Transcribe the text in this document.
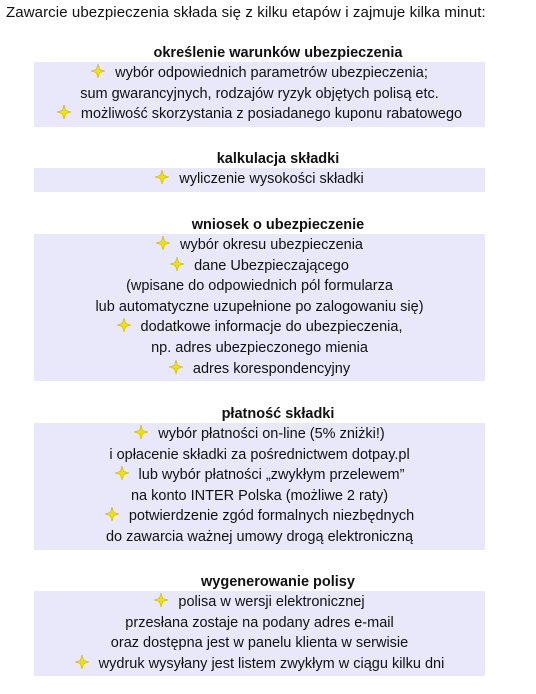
Zawarcie ubezpieczenia składa się z kilku etapów i zajmuje kilka minut:
określenie warunków ubezpieczenia
wybór odpowiednich parametrów ubezpieczenia;
sum gwarancyjnych, rodzajów ryzyk objętych polisą etc.
możliwość skorzystania z posiadanego kuponu rabatowego
kalkulacja składki
wyliczenie wysokości składki
wniosek o ubezpieczenie
wybór okresu ubezpieczenia
dane Ubezpieczającego
(wpisane do odpowiednich pól formularza
lub automatyczne uzupełnione po zalogowaniu się)
dodatkowe informacje do ubezpieczenia,
np. adres ubezpieczonego mienia
adres korespondencyjny
płatność składki
wybór płatności on-line (5% zniżki!)
i opłacenie składki za pośrednictwem dotpay.pl
lub wybór płatności „zwykłym przelewem”
na konto INTER Polska (możliwe 2 raty)
potwierdzenie zgód formalnych niezbędnych
do zawarcia ważnej umowy drogą elektroniczną
wygenerowanie polisy
polisa w wersji elektronicznej
przesłana zostaje na podany adres e-mail
oraz dostępna jest w panelu klienta w serwisie
wydruk wysyłany jest listem zwykłym w ciągu kilku dni
